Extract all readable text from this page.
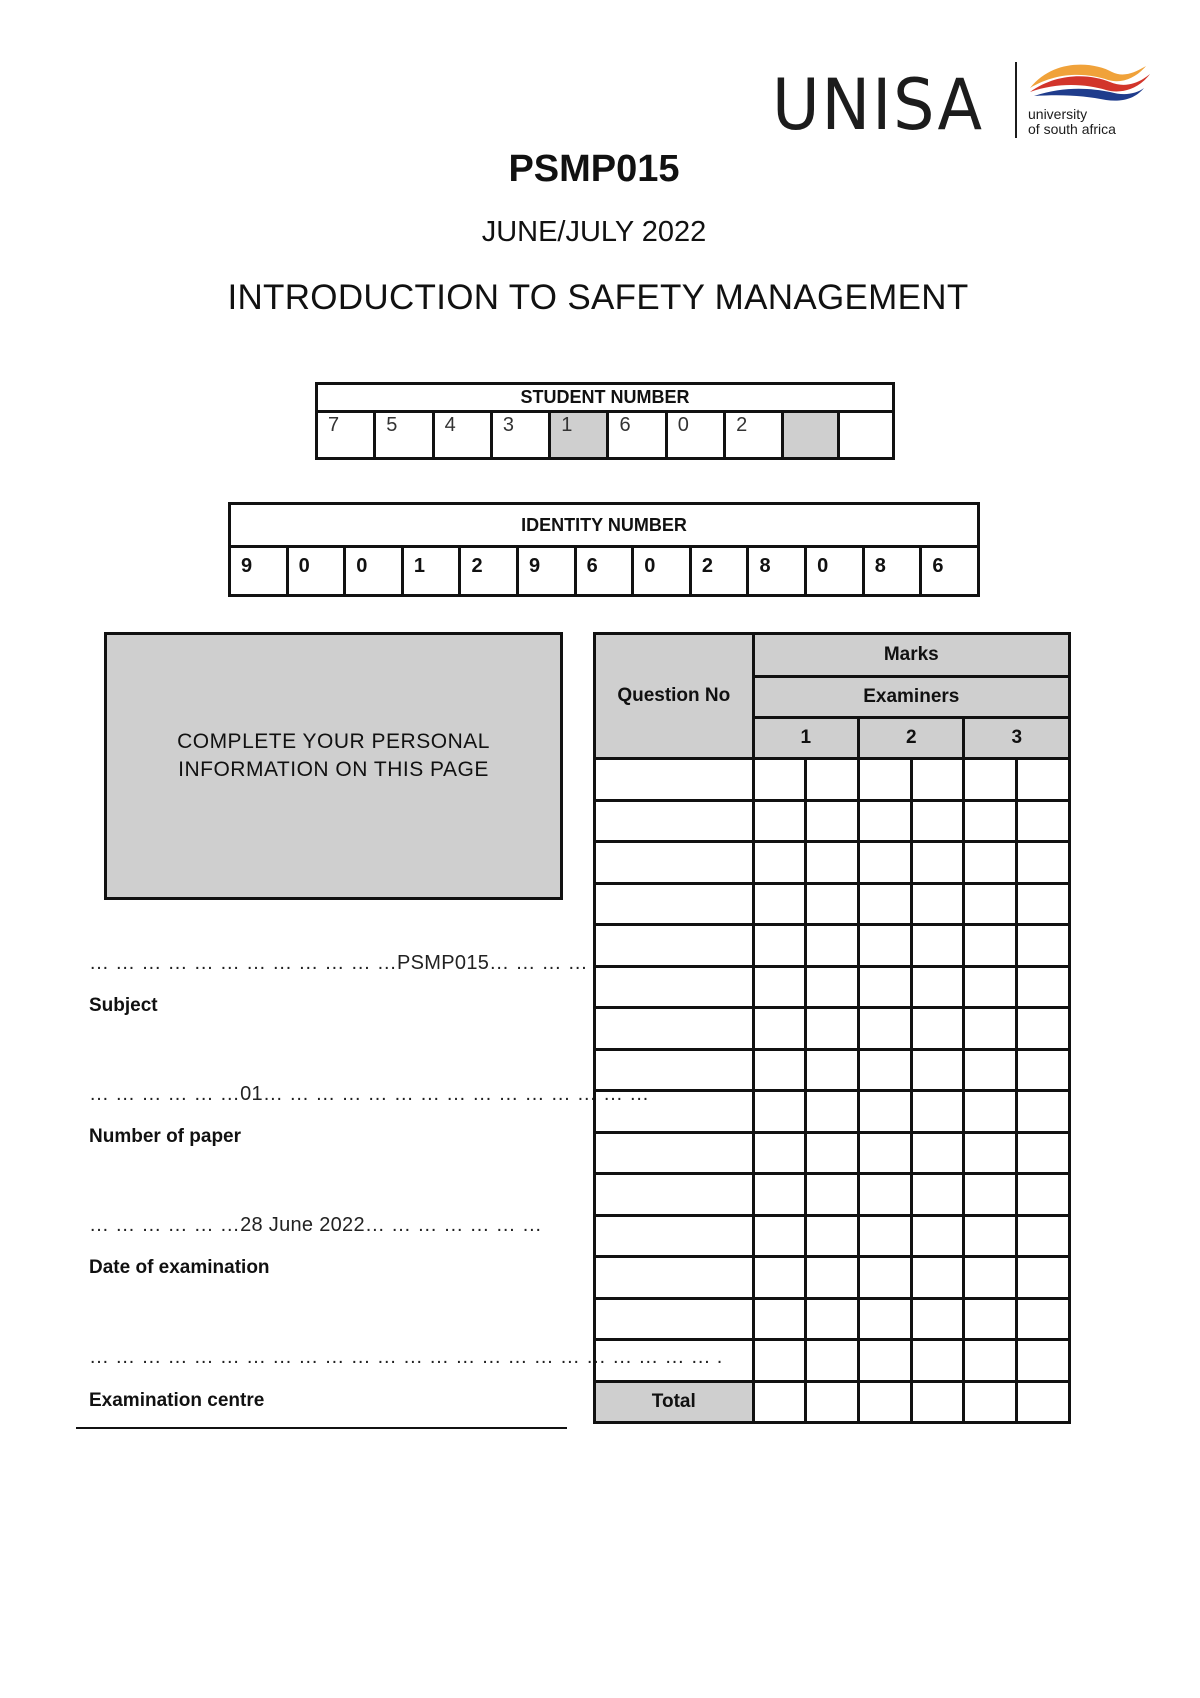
UNISA	university
of south africa
PSMP015
JUNE/JULY 2022
INTRODUCTION TO SAFETY MANAGEMENT
STUDENT NUMBER
7	5	4	3	1	6	0	2		
IDENTITY NUMBER
9	0	0	1	2	9	6	0	2	8	0	8	6
COMPLETE YOUR PERSONAL
INFORMATION ON THIS PAGE
… … … … … … … … … … … …PSMP015… … … …
Subject
… … … … … …01… … … … … … … … … … … … … … …
Number of paper
… … … … … …28 June 2022… … … … … … …
Date of examination
… … … … … … … … … … … … … … … … … … … … … … … … .
Examination centre
Question No	Marks					
	Examiners					
	1		2		3	

Total						
